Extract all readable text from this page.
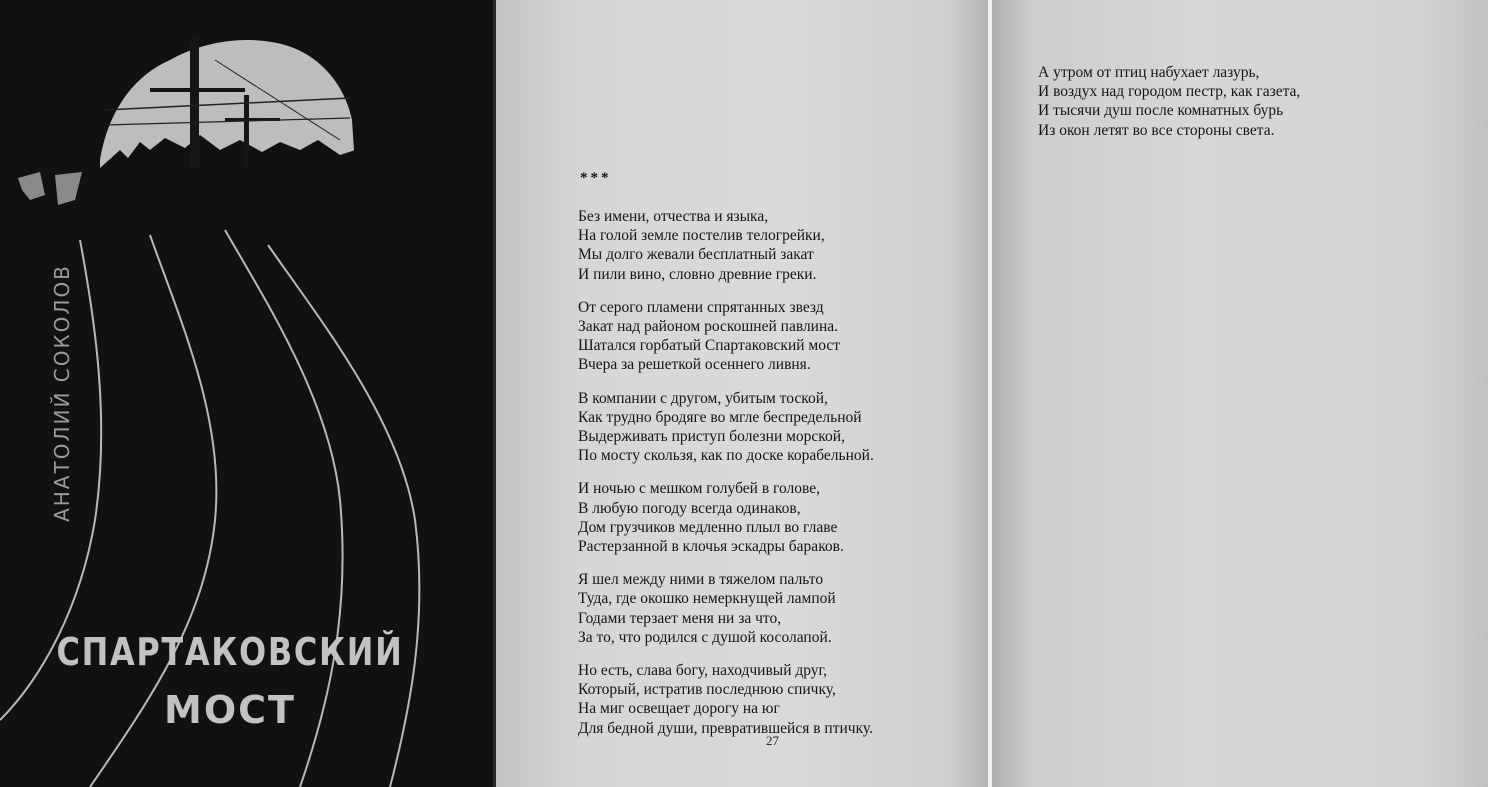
АНАТОЛИЙ СОКОЛОВ
СПАРТАКОВСКИЙ
МОСТ
***
Без имени, отчества и языка,
На голой земле постелив телогрейки,
Мы долго жевали бесплатный закат
И пили вино, словно древние греки.
От серого пламени спрятанных звезд
Закат над районом роскошней павлина.
Шатался горбатый Спартаковский мост
Вчера за решеткой осеннего ливня.
В компании с другом, убитым тоской,
Как трудно бродяге во мгле беспредельной
Выдерживать приступ болезни морской,
По мосту скользя, как по доске корабельной.
И ночью с мешком голубей в голове,
В любую погоду всегда одинаков,
Дом грузчиков медленно плыл во главе
Растерзанной в клочья эскадры бараков.
Я шел между ними в тяжелом пальто
Туда, где окошко немеркнущей лампой
Годами терзает меня ни за что,
За то, что родился с душой косолапой.
Но есть, слава богу, находчивый друг,
Который, истратив последнюю спичку,
На миг освещает дорогу на юг
Для бедной души, превратившейся в птичку.
27
А утром от птиц набухает лазурь,
И воздух над городом пестр, как газета,
И тысячи душ после комнатных бурь
Из окон летят во все стороны света.
